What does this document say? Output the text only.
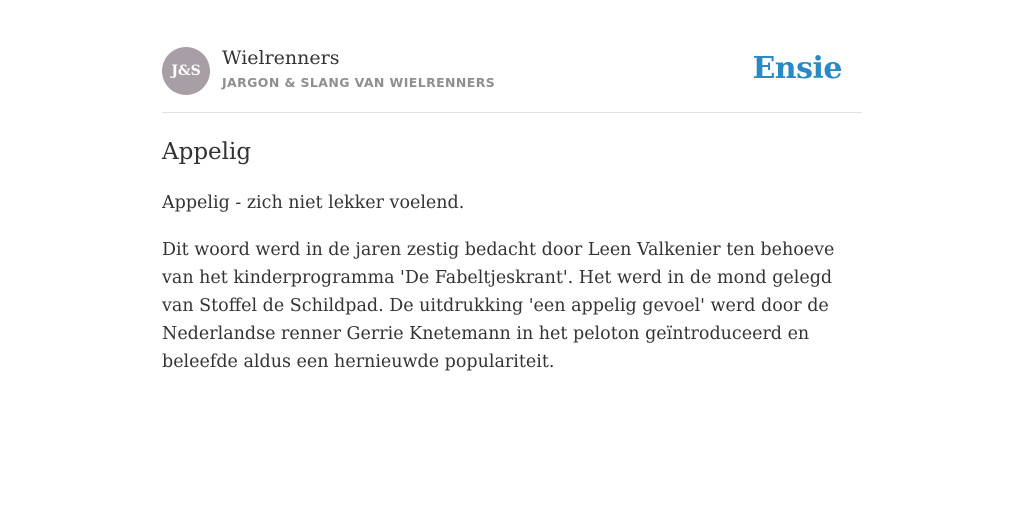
J&S
Wielrenners
JARGON & SLANG VAN WIELRENNERS	Ensie
Appelig

Appelig - zich niet lekker voelend.

Dit woord werd in de jaren zestig bedacht door Leen Valkenier ten behoeve van het kinderprogramma 'De Fabeltjeskrant'. Het werd in de mond gelegd van Stoffel de Schildpad. De uitdrukking 'een appelig gevoel' werd door de Nederlandse renner Gerrie Knetemann in het peloton geïntroduceerd en beleefde aldus een hernieuwde populariteit.
